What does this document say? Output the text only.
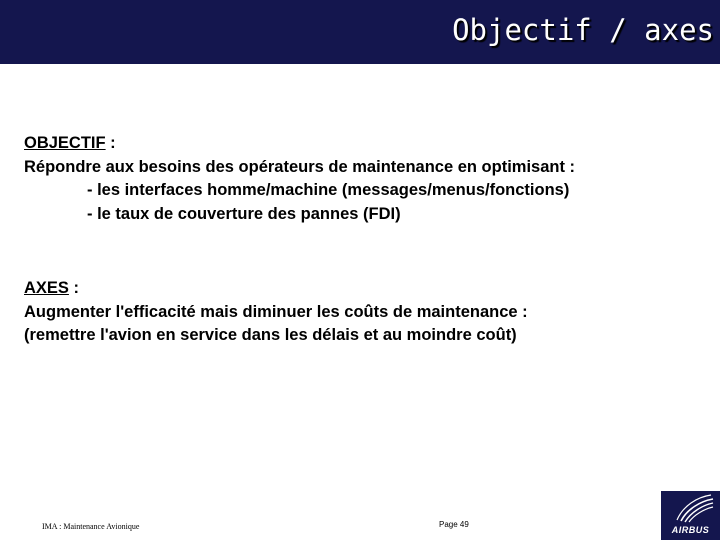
Objectif / axes
OBJECTIF :
Répondre aux besoins des opérateurs de maintenance en optimisant :
- les interfaces homme/machine (messages/menus/fonctions)
- le taux de couverture des pannes (FDI)
AXES :
Augmenter l'efficacité mais diminuer les coûts de maintenance :
(remettre l'avion en service dans les délais et au moindre coût)
IMA : Maintenance Avionique	Page 49
AIRBUS
